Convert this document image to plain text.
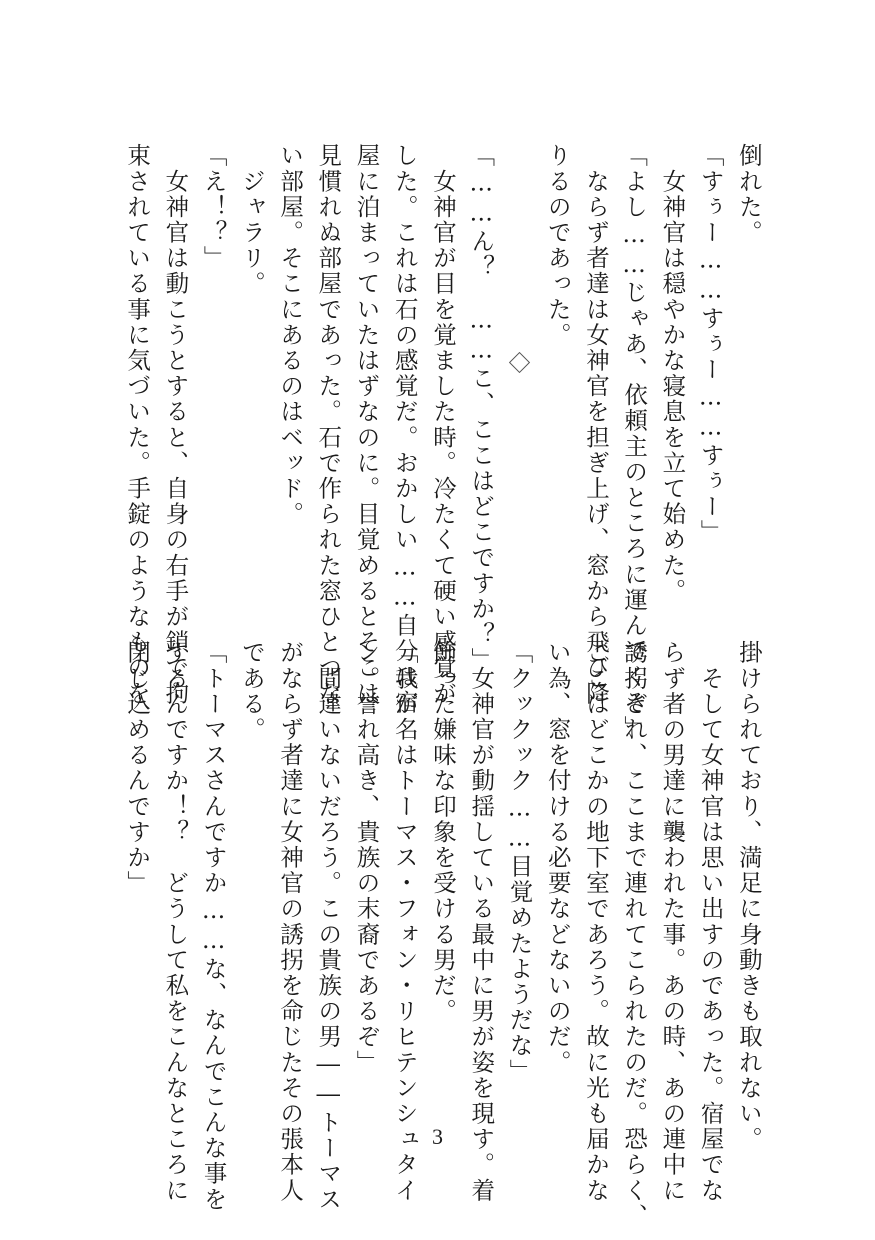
倒れた。
「すぅー……すぅー……すぅー」
　女神官は穏やかな寝息を立て始めた。
「よし……じゃあ、依頼主のところに運んでくぞ」
　ならず者達は女神官を担ぎ上げ、窓から飛び降
りるのであった。
「……ん？　……こ、ここはどこですか？」
　女神官が目を覚ました時。冷たくて硬い感覚が
した。これは石の感覚だ。おかしい……自分は宿
屋に泊まっていたはずなのに。目覚めるとそこは
見慣れぬ部屋であった。石で作られた窓ひとつな
い部屋。そこにあるのはベッド。
　ジャラリ。
「え！？」
　女神官は動こうとすると、自身の右手が鎖で拘
束されている事に気づいた。手錠のようなものを
掛けられており、満足に身動きも取れない。
　そして女神官は思い出すのであった。宿屋でな
らず者の男達に襲われた事。あの時、あの連中に
誘拐され、ここまで連れてこられたのだ。恐らく、
ここはどこかの地下室であろう。故に光も届かな
い為、窓を付ける必要などないのだ。
「クックック……目覚めたようだな」
　女神官が動揺している最中に男が姿を現す。着
飾った嫌味な印象を受ける男だ。
「我が名はトーマス・フォン・リヒテンシュタイ
ン。誉れ高き、貴族の末裔であるぞ」
　間違いないだろう。この貴族の男――トーマス
がならず者達に女神官の誘拐を命じたその張本人
である。
「トーマスさんですか……な、なんでこんな事を
するんですか！？　どうして私をこんなところに
閉じ込めるんですか」
3
